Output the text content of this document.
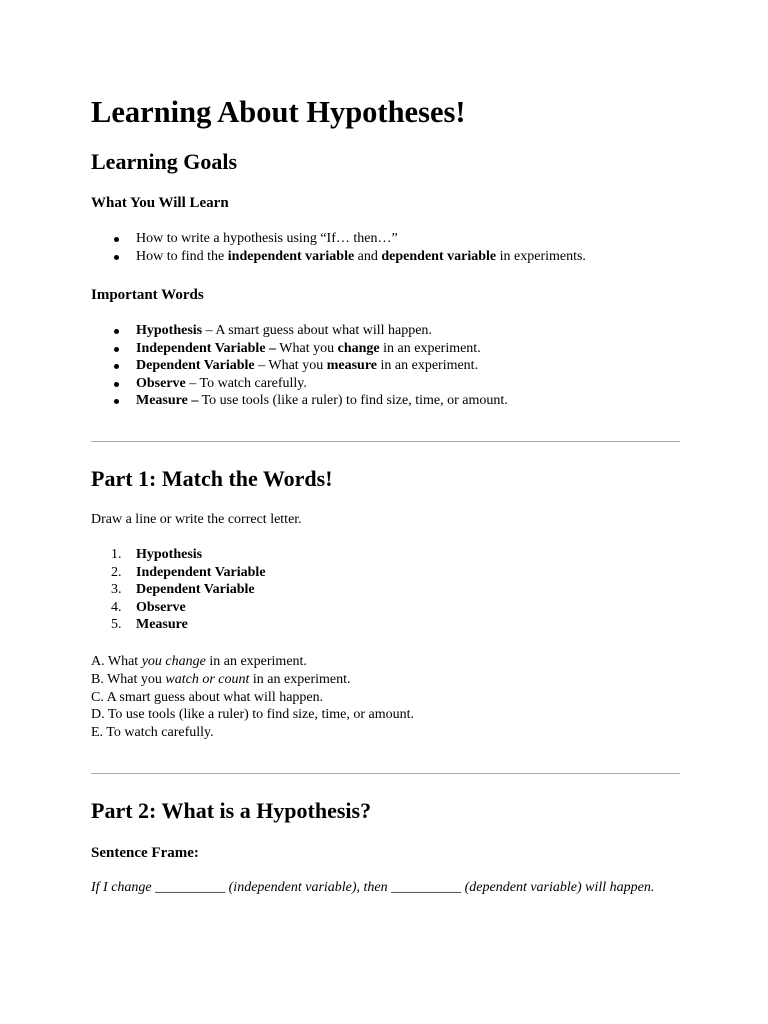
Learning About Hypotheses!
Learning Goals
What You Will Learn
How to write a hypothesis using “If… then…”
How to find the independent variable and dependent variable in experiments.
Important Words
Hypothesis – A smart guess about what will happen.
Independent Variable – What you change in an experiment.
Dependent Variable – What you measure in an experiment.
Observe – To watch carefully.
Measure – To use tools (like a ruler) to find size, time, or amount.
Part 1: Match the Words!

Draw a line or write the correct letter.

1.	Hypothesis
2.	Independent Variable
3.	Dependent Variable
4.	Observe
5.	Measure
A. What you change in an experiment.
B. What you watch or count in an experiment.
C. A smart guess about what will happen.
D. To use tools (like a ruler) to find size, time, or amount.
E. To watch carefully.
Part 2: What is a Hypothesis?
Sentence Frame:
If I change __________ (independent variable), then __________ (dependent variable) will happen.
